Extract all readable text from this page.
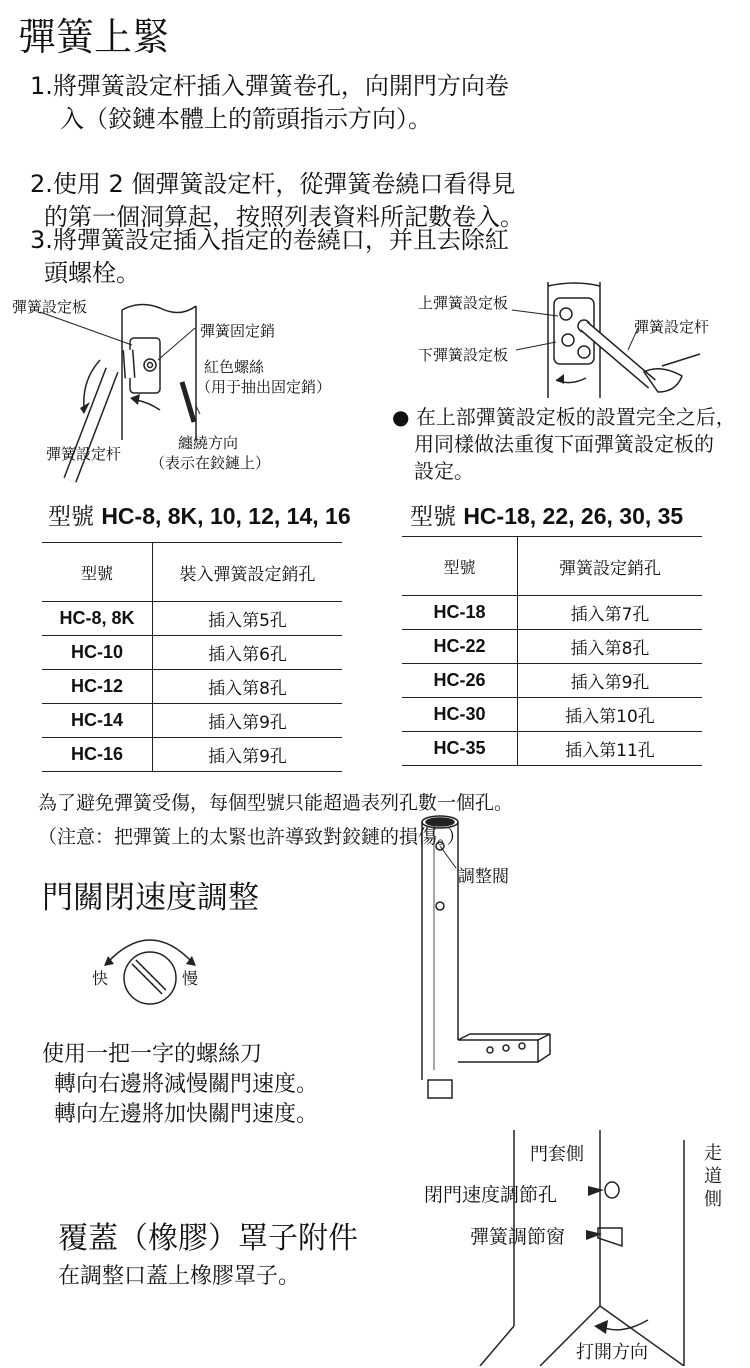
彈簧上緊
1.將彈簧設定杆插入彈簧卷孔，向開門方向卷
入（鉸鏈本體上的箭頭指示方向）。
2.使用 2 個彈簧設定杆，從彈簧卷繞口看得見
的第一個洞算起，按照列表資料所記數卷入。
3.將彈簧設定插入指定的卷繞口，并且去除紅
頭螺栓。
彈簧設定板
彈簧固定銷
紅色螺絲
（用于抽出固定銷）
彈簧設定杆
纏繞方向
（表示在鉸鏈上）
上彈簧設定板
下彈簧設定板
彈簧設定杆
● 在上部彈簧設定板的設置完全之后，
用同樣做法重復下面彈簧設定板的
設定。
型號 HC-8, 8K, 10, 12, 14, 16	型號 HC-18, 22, 26, 30, 35
型號	裝入彈簧設定銷孔
HC-8, 8K	插入第5孔
HC-10	插入第6孔
HC-12	插入第8孔
HC-14	插入第9孔
HC-16	插入第9孔
型號	彈簧設定銷孔
HC-18	插入第7孔
HC-22	插入第8孔
HC-26	插入第9孔
HC-30	插入第10孔
HC-35	插入第11孔
為了避免彈簧受傷，每個型號只能超過表列孔數一個孔。
（注意：把彈簧上的太緊也許導致對鉸鏈的損傷。）
門關閉速度調整
快	慢
使用一把一字的螺絲刀
轉向右邊將減慢關門速度。
轉向左邊將加快關門速度。
調整閥
覆蓋（橡膠）罩子附件
在調整口蓋上橡膠罩子。
門套側
閉門速度調節孔
彈簧調節窗
走
道
側
打開方向
